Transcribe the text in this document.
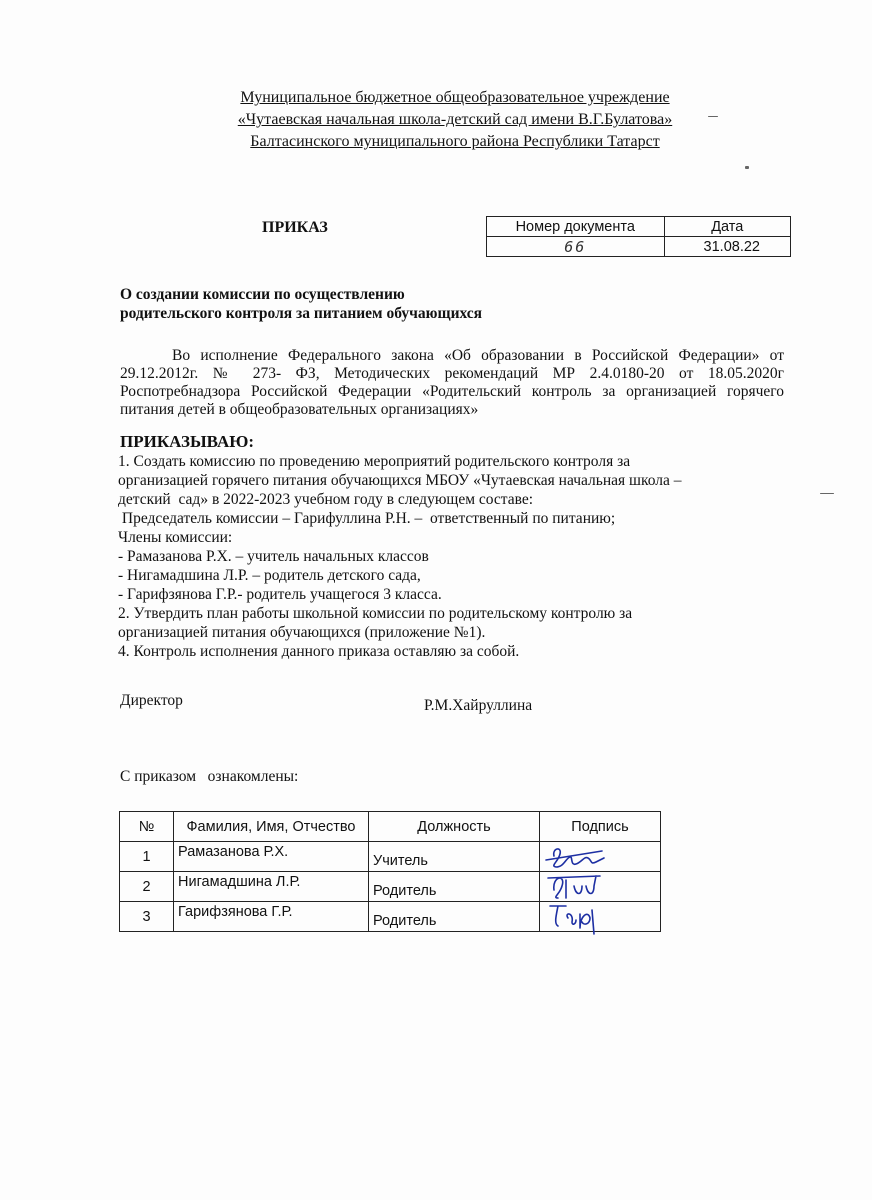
Муниципальное бюджетное общеобразовательное учреждение
«Чутаевская начальная школа-детский сад имени В.Г.Булатова»
Балтасинского муниципального района Республики Татарст
ПРИКАЗ	Номер документа	Дата
66	31.08.22
О создании комиссии по осуществлению
родительского контроля за питанием обучающихся
Во исполнение Федерального закона «Об образовании в Российской Федерации» от 29.12.2012г. № 273- ФЗ, Методических рекомендаций МР 2.4.0180-20 от 18.05.2020г Роспотребнадзора Российской Федерации «Родительский контроль за организацией горячего питания детей в общеобразовательных организациях»
ПРИКАЗЫВАЮ:
1. Создать комиссию по проведению мероприятий родительского контроля за
организацией горячего питания обучающихся МБОУ «Чутаевская начальная школа –
детский  сад» в 2022-2023 учебном году в следующем составе:
Председатель комиссии – Гарифуллина Р.Н. –  ответственный по питанию;
Члены комиссии:
- Рамазанова Р.Х. – учитель начальных классов
- Нигамадшина Л.Р. – родитель детского сада,
- Гарифзянова Г.Р.- родитель учащегося 3 класса.
2. Утвердить план работы школьной комиссии по родительскому контролю за
организацией питания обучающихся (приложение №1).
4. Контроль исполнения данного приказа оставляю за собой.
Директор	Р.М.Хайруллина
С приказом   ознакомлены:
№	Фамилия, Имя, Отчество	Должность	Подпись
1	Рамазанова Р.Х.	Учитель	
2	Нигамадшина Л.Р.	Родитель	
3	Гарифзянова Г.Р.	Родитель	
